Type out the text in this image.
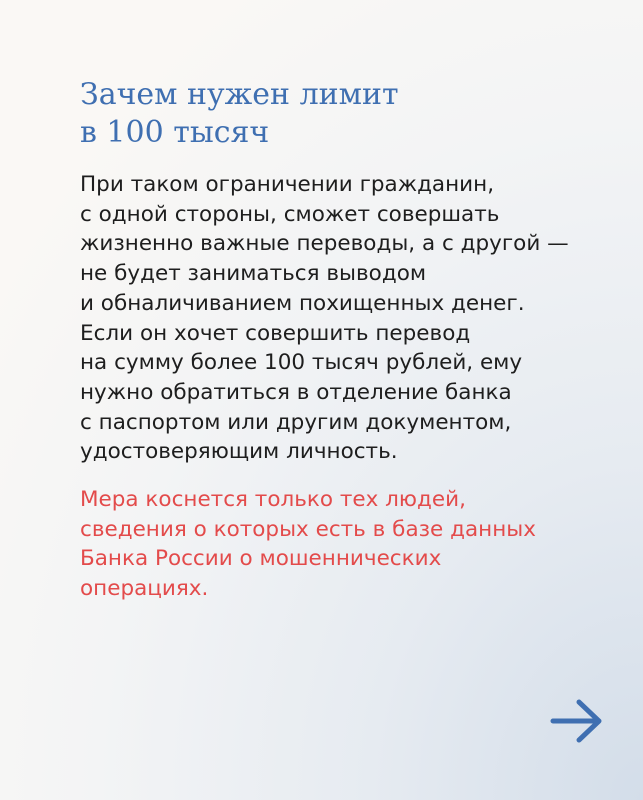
Зачем нужен лимит
в 100 тысяч
При таком ограничении гражданин,
с одной стороны, сможет совершать
жизненно важные переводы, а с другой —
не будет заниматься выводом
и обналичиванием похищенных денег.
Если он хочет совершить перевод
на сумму более 100 тысяч рублей, ему
нужно обратиться в отделение банка
с паспортом или другим документом,
удостоверяющим личность.
Мера коснется только тех людей,
сведения о которых есть в базе данных
Банка России о мошеннических
операциях.
